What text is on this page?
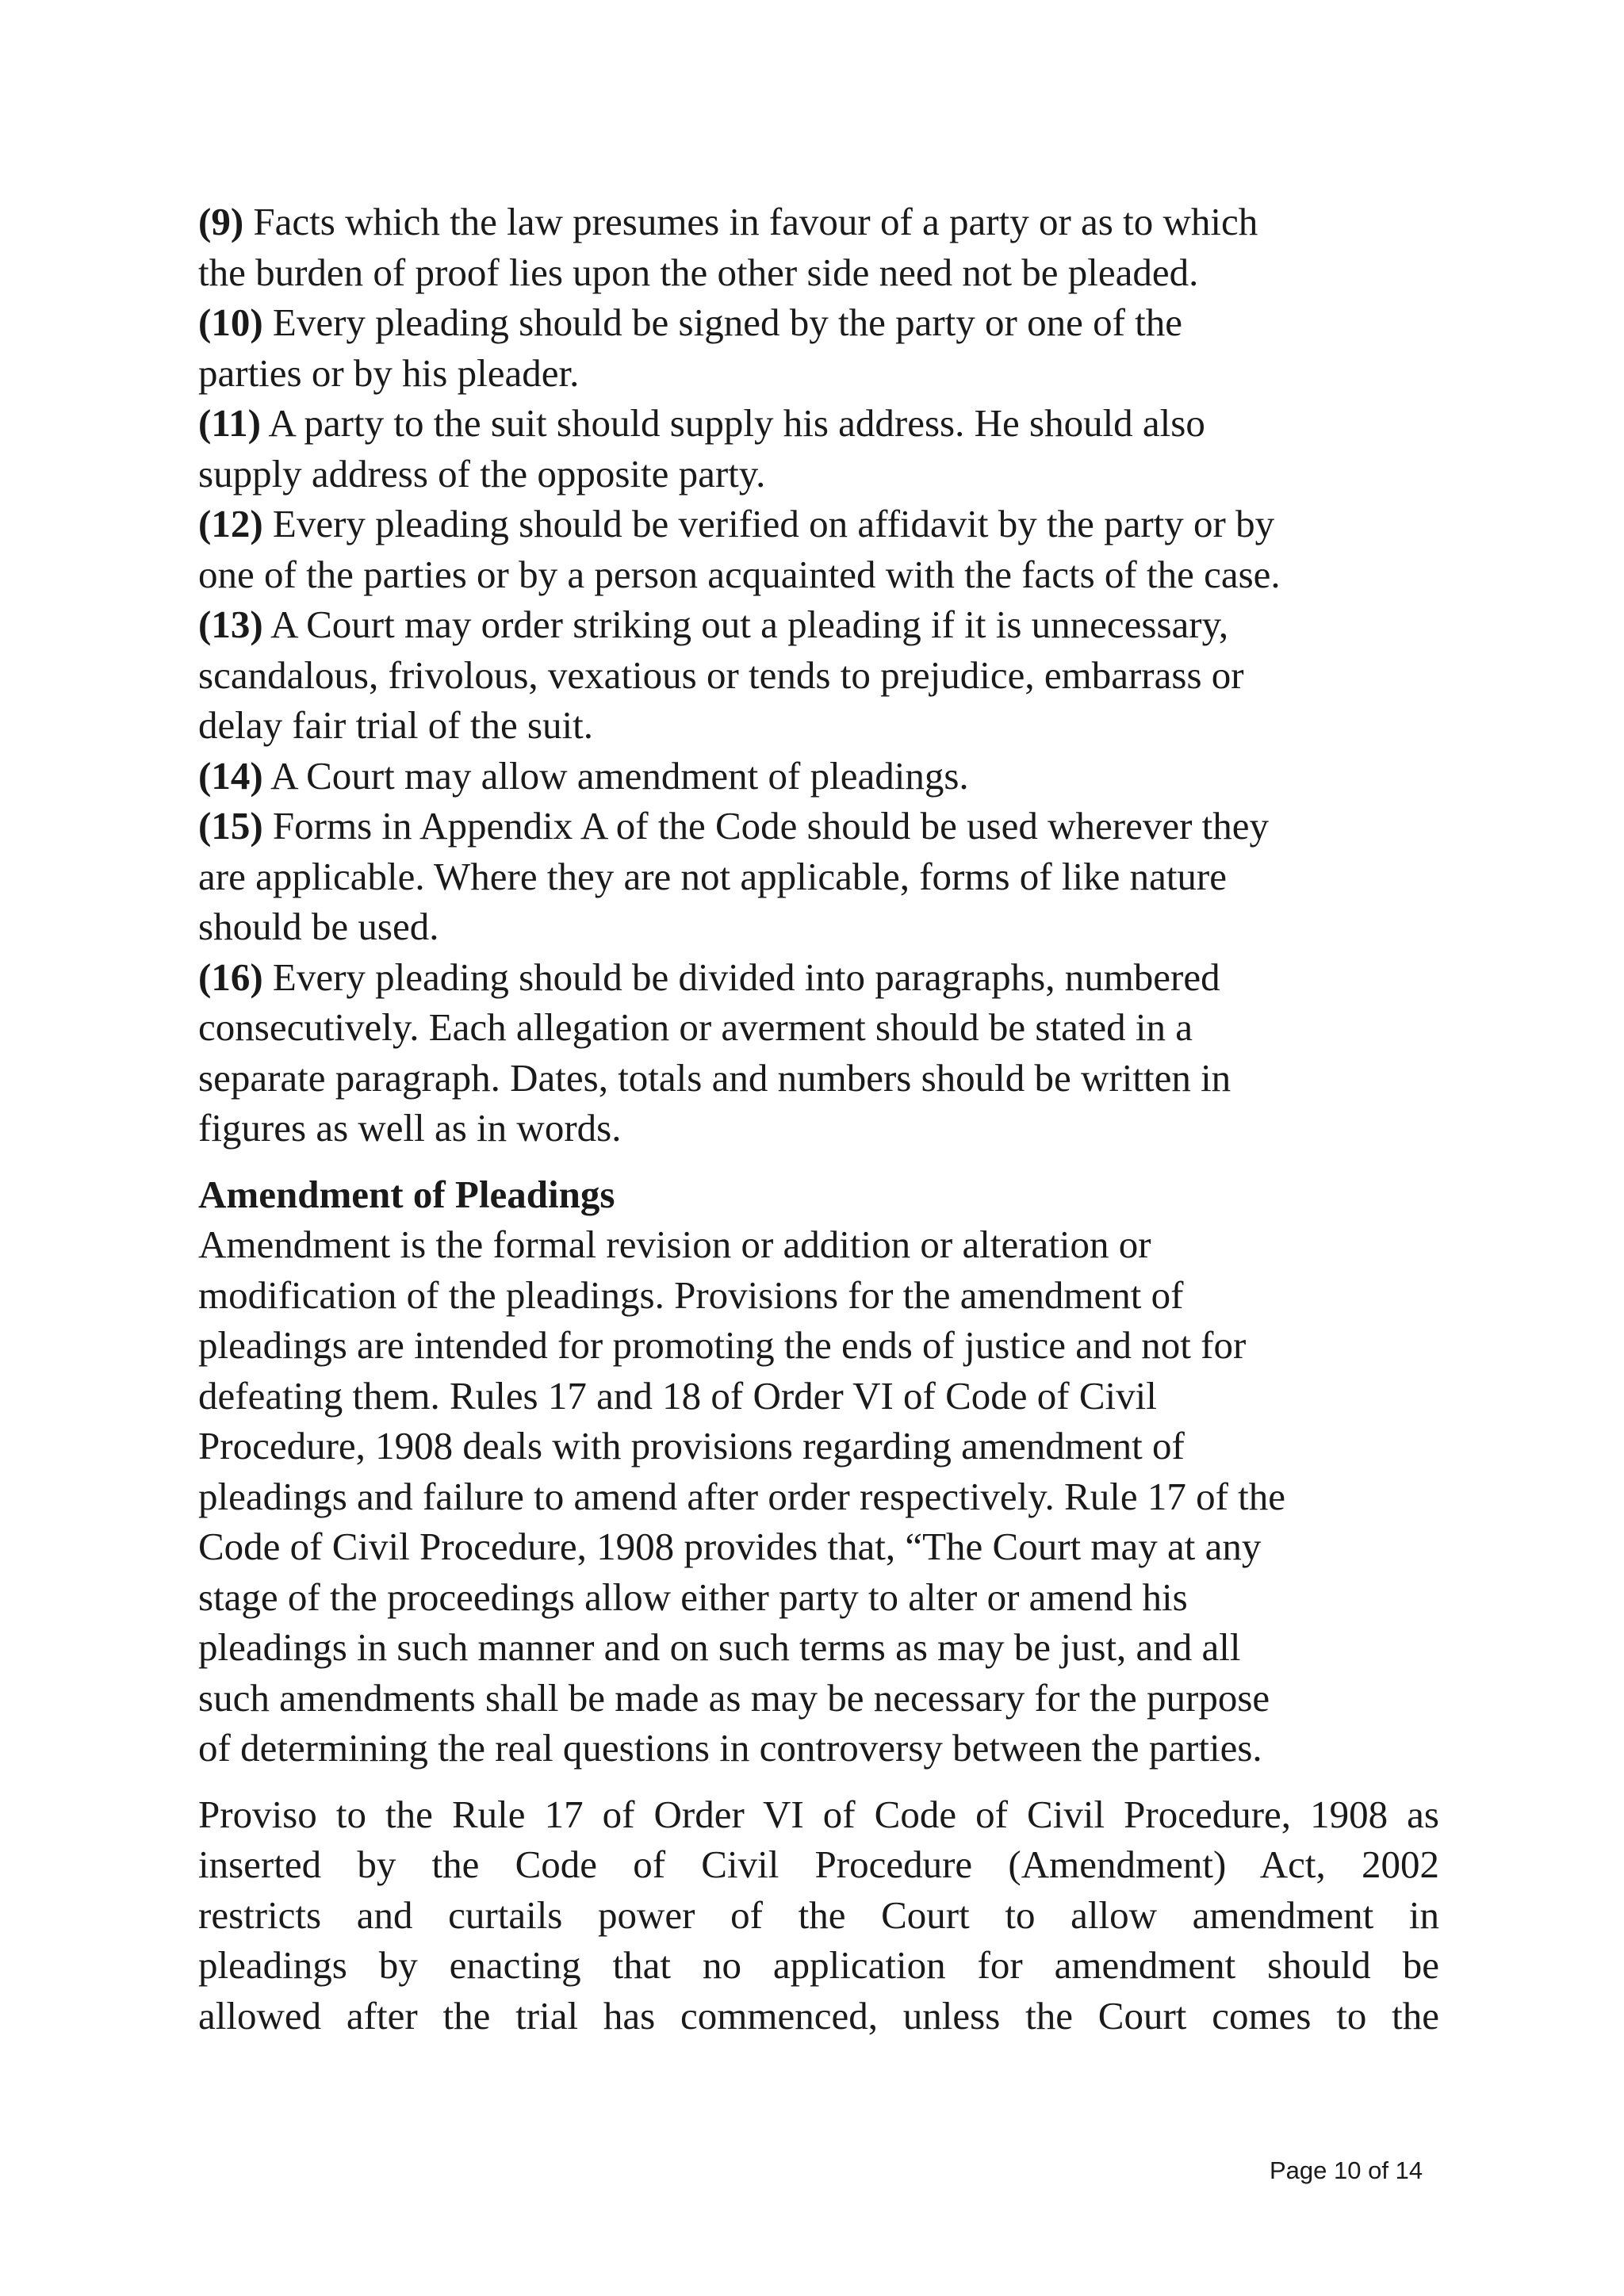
(9) Facts which the law presumes in favour of a party or as to which
the burden of proof lies upon the other side need not be pleaded.
(10) Every pleading should be signed by the party or one of the
parties or by his pleader.
(11) A party to the suit should supply his address. He should also
supply address of the opposite party.
(12) Every pleading should be verified on affidavit by the party or by
one of the parties or by a person acquainted with the facts of the case.
(13) A Court may order striking out a pleading if it is unnecessary,
scandalous, frivolous, vexatious or tends to prejudice, embarrass or
delay fair trial of the suit.
(14) A Court may allow amendment of pleadings.
(15) Forms in Appendix A of the Code should be used wherever they
are applicable. Where they are not applicable, forms of like nature
should be used.
(16) Every pleading should be divided into paragraphs, numbered
consecutively. Each allegation or averment should be stated in a
separate paragraph. Dates, totals and numbers should be written in
figures as well as in words.
Amendment of Pleadings
Amendment is the formal revision or addition or alteration or
modification of the pleadings. Provisions for the amendment of
pleadings are intended for promoting the ends of justice and not for
defeating them. Rules 17 and 18 of Order VI of Code of Civil
Procedure, 1908 deals with provisions regarding amendment of
pleadings and failure to amend after order respectively. Rule 17 of the
Code of Civil Procedure, 1908 provides that, “The Court may at any
stage of the proceedings allow either party to alter or amend his
pleadings in such manner and on such terms as may be just, and all
such amendments shall be made as may be necessary for the purpose
of determining the real questions in controversy between the parties.
Proviso to the Rule 17 of Order VI of Code of Civil Procedure, 1908 as
inserted by the Code of Civil Procedure (Amendment) Act, 2002
restricts and curtails power of the Court to allow amendment in
pleadings by enacting that no application for amendment should be
allowed after the trial has commenced, unless the Court comes to the
Page 10 of 14
